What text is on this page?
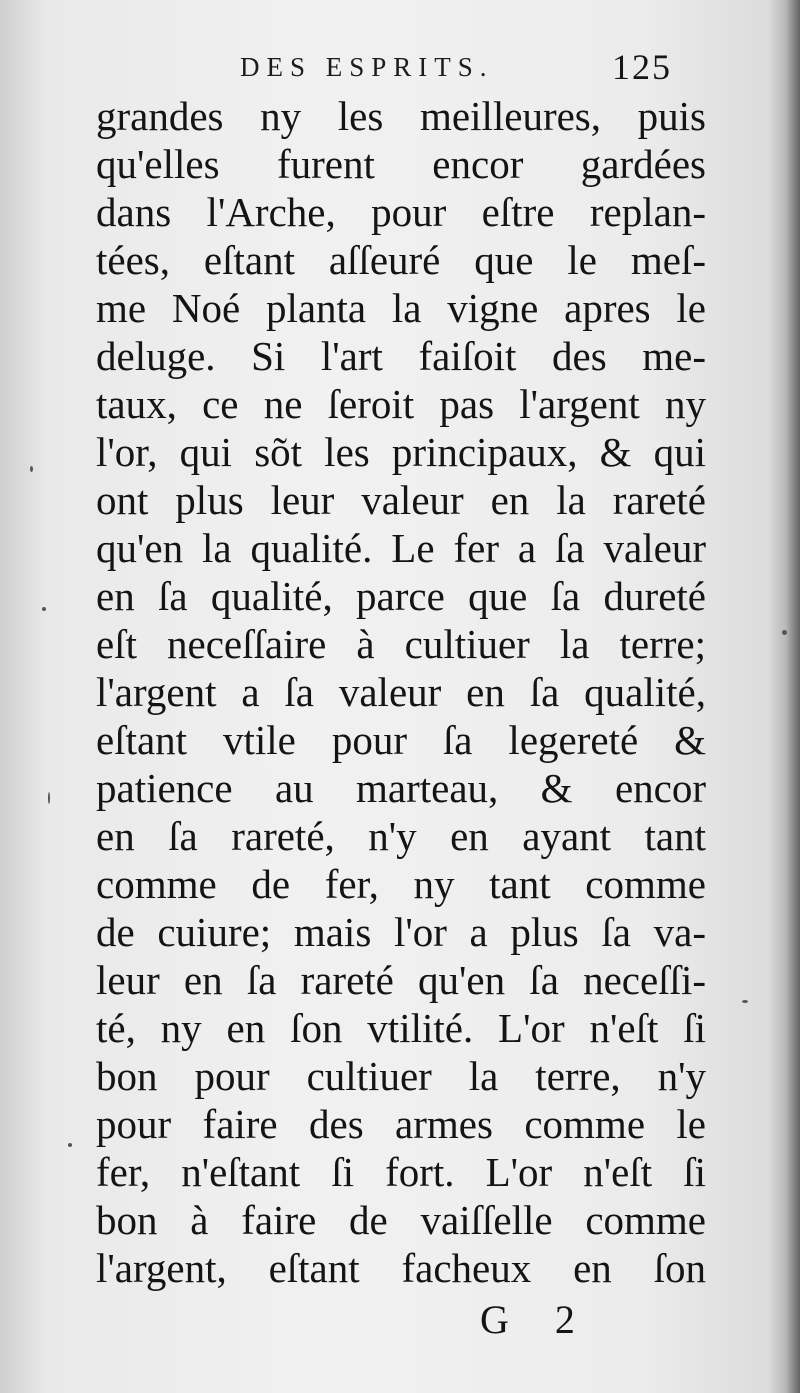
DES ESPRITS.	125
grandes ny les meilleures, puis
qu'elles furent encor gardées
dans l'Arche, pour eſtre replan-
tées, eſtant aſſeuré que le meſ-
me Noé planta la vigne apres le
deluge. Si l'art faiſoit des me-
taux, ce ne ſeroit pas l'argent ny
l'or, qui sõt les principaux, & qui
ont plus leur valeur en la rareté
qu'en la qualité. Le fer a ſa valeur
en ſa qualité, parce que ſa dureté
eſt neceſſaire à cultiuer la terre;
l'argent a ſa valeur en ſa qualité,
eſtant vtile pour ſa legereté &
patience au marteau, & encor
en ſa rareté, n'y en ayant tant
comme de fer, ny tant comme
de cuiure; mais l'or a plus ſa va-
leur en ſa rareté qu'en ſa neceſſi-
té, ny en ſon vtilité. L'or n'eſt ſi
bon pour cultiuer la terre, n'y
pour faire des armes comme le
fer, n'eſtant ſi fort. L'or n'eſt ſi
bon à faire de vaiſſelle comme
l'argent, eſtant facheux en ſon
G 2
